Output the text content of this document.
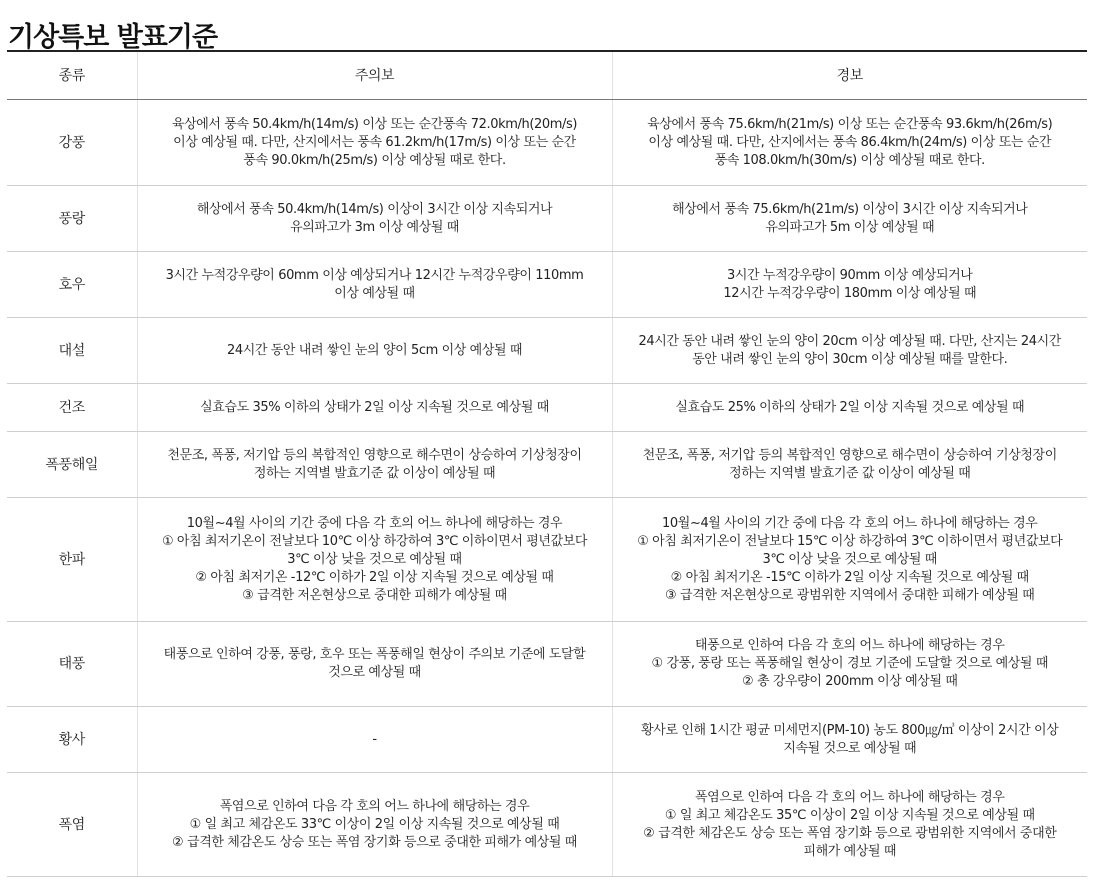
기상특보 발표기준
종류	주의보	경보
강풍	육상에서 풍속 50.4km/h(14m/s) 이상 또는 순간풍속 72.0km/h(20m/s)
이상 예상될 때. 다만, 산지에서는 풍속 61.2km/h(17m/s) 이상 또는 순간
풍속 90.0km/h(25m/s) 이상 예상될 때로 한다.	육상에서 풍속 75.6km/h(21m/s) 이상 또는 순간풍속 93.6km/h(26m/s)
이상 예상될 때. 다만, 산지에서는 풍속 86.4km/h(24m/s) 이상 또는 순간
풍속 108.0km/h(30m/s) 이상 예상될 때로 한다.
풍랑	해상에서 풍속 50.4km/h(14m/s) 이상이 3시간 이상 지속되거나
유의파고가 3m 이상 예상될 때	해상에서 풍속 75.6km/h(21m/s) 이상이 3시간 이상 지속되거나
유의파고가 5m 이상 예상될 때
호우	3시간 누적강우량이 60mm 이상 예상되거나 12시간 누적강우량이 110mm
이상 예상될 때	3시간 누적강우량이 90mm 이상 예상되거나
12시간 누적강우량이 180mm 이상 예상될 때
대설	24시간 동안 내려 쌓인 눈의 양이 5cm 이상 예상될 때	24시간 동안 내려 쌓인 눈의 양이 20cm 이상 예상될 때. 다만, 산지는 24시간
동안 내려 쌓인 눈의 양이 30cm 이상 예상될 때를 말한다.
건조	실효습도 35% 이하의 상태가 2일 이상 지속될 것으로 예상될 때	실효습도 25% 이하의 상태가 2일 이상 지속될 것으로 예상될 때
폭풍해일	천문조, 폭풍, 저기압 등의 복합적인 영향으로 해수면이 상승하여 기상청장이
정하는 지역별 발효기준 값 이상이 예상될 때	천문조, 폭풍, 저기압 등의 복합적인 영향으로 해수면이 상승하여 기상청장이
정하는 지역별 발효기준 값 이상이 예상될 때
한파	10월~4월 사이의 기간 중에 다음 각 호의 어느 하나에 해당하는 경우
① 아침 최저기온이 전날보다 10℃ 이상 하강하여 3℃ 이하이면서 평년값보다
3℃ 이상 낮을 것으로 예상될 때
② 아침 최저기온 -12℃ 이하가 2일 이상 지속될 것으로 예상될 때
③ 급격한 저온현상으로 중대한 피해가 예상될 때	10월~4월 사이의 기간 중에 다음 각 호의 어느 하나에 해당하는 경우
① 아침 최저기온이 전날보다 15℃ 이상 하강하여 3℃ 이하이면서 평년값보다
3℃ 이상 낮을 것으로 예상될 때
② 아침 최저기온 -15℃ 이하가 2일 이상 지속될 것으로 예상될 때
③ 급격한 저온현상으로 광범위한 지역에서 중대한 피해가 예상될 때
태풍	태풍으로 인하여 강풍, 풍랑, 호우 또는 폭풍해일 현상이 주의보 기준에 도달할
것으로 예상될 때	태풍으로 인하여 다음 각 호의 어느 하나에 해당하는 경우
① 강풍, 풍랑 또는 폭풍해일 현상이 경보 기준에 도달할 것으로 예상될 때
② 총 강우량이 200mm 이상 예상될 때
황사	-	황사로 인해 1시간 평균 미세먼지(PM-10) 농도 800㎍/㎥ 이상이 2시간 이상
지속될 것으로 예상될 때
폭염	폭염으로 인하여 다음 각 호의 어느 하나에 해당하는 경우
① 일 최고 체감온도 33℃ 이상이 2일 이상 지속될 것으로 예상될 때
② 급격한 체감온도 상승 또는 폭염 장기화 등으로 중대한 피해가 예상될 때	폭염으로 인하여 다음 각 호의 어느 하나에 해당하는 경우
① 일 최고 체감온도 35℃ 이상이 2일 이상 지속될 것으로 예상될 때
② 급격한 체감온도 상승 또는 폭염 장기화 등으로 광범위한 지역에서 중대한
피해가 예상될 때
